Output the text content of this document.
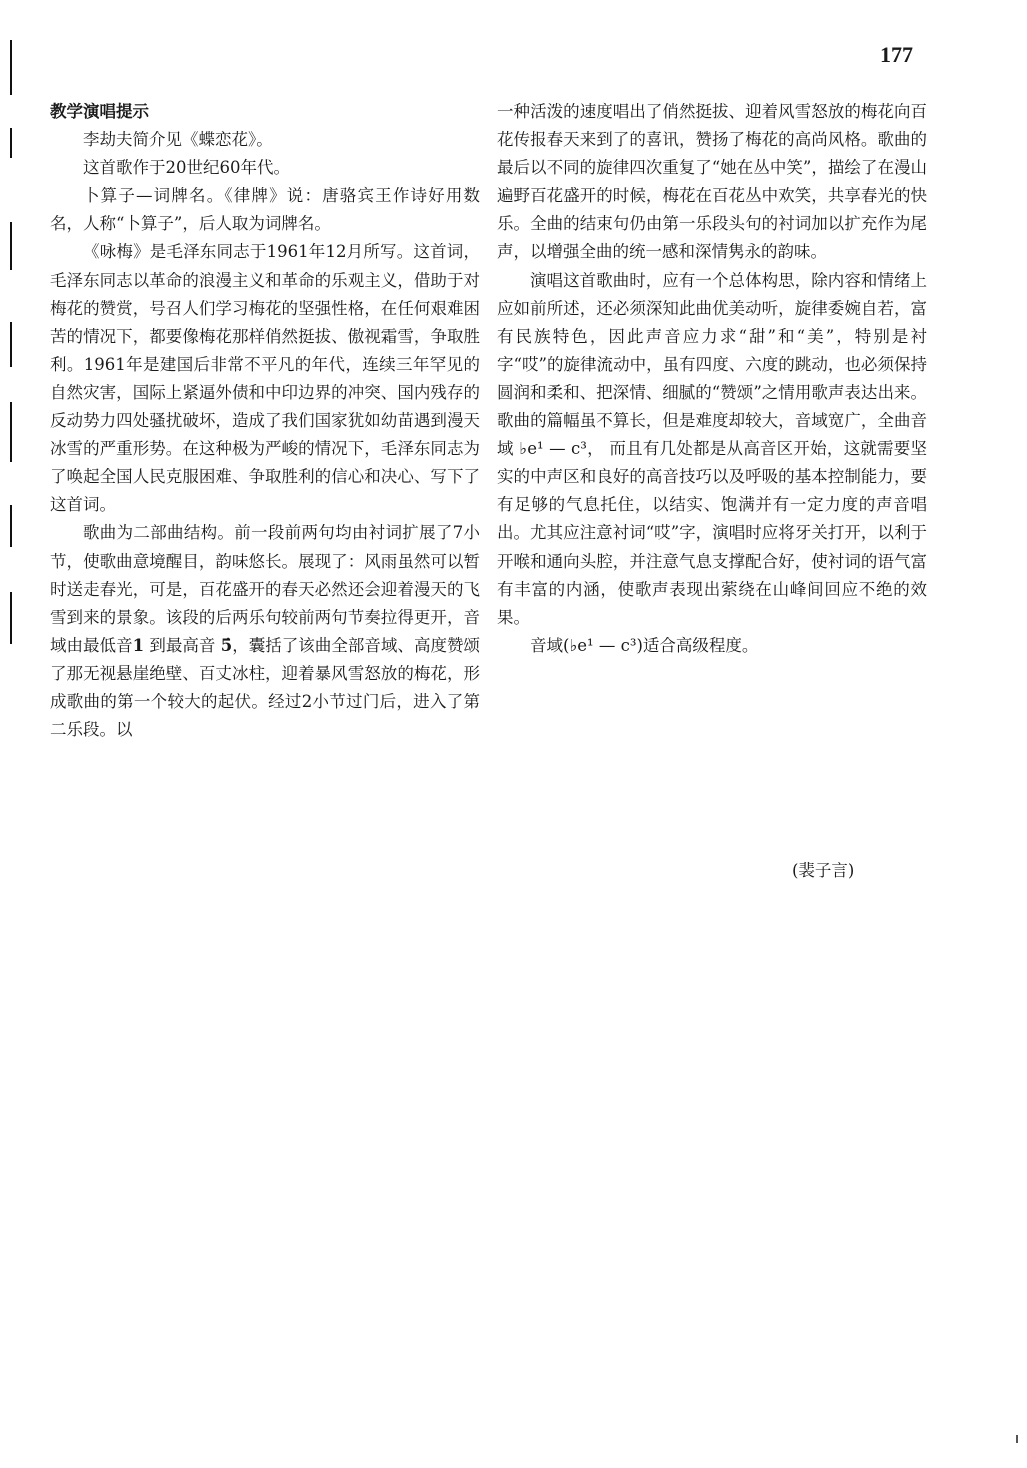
177
教学演唱提示

李劫夫简介见《蝶恋花》。

这首歌作于20世纪60年代。

卜算子—词牌名。《律牌》说：唐骆宾王作诗好用数名，人称“卜算子”，后人取为词牌名。

《咏梅》是毛泽东同志于1961年12月所写。这首词，毛泽东同志以革命的浪漫主义和革命的乐观主义，借助于对梅花的赞赏，号召人们学习梅花的坚强性格，在任何艰难困苦的情况下，都要像梅花那样俏然挺拔、傲视霜雪，争取胜利。1961年是建国后非常不平凡的年代，连续三年罕见的自然灾害，国际上紧逼外债和中印边界的冲突、国内残存的反动势力四处骚扰破坏，造成了我们国家犹如幼苗遇到漫天冰雪的严重形势。在这种极为严峻的情况下，毛泽东同志为了唤起全国人民克服困难、争取胜利的信心和决心、写下了这首词。

歌曲为二部曲结构。前一段前两句均由衬词扩展了7小节，使歌曲意境醒目，韵味悠长。展现了：风雨虽然可以暂时送走春光，可是，百花盛开的春天必然还会迎着漫天的飞雪到来的景象。该段的后两乐句较前两句节奏拉得更开，音域由最低音1 到最高音 5̇，囊括了该曲全部音域、高度赞颂了那无视悬崖绝壁、百丈冰柱，迎着暴风雪怒放的梅花，形成歌曲的第一个较大的起伏。经过2小节过门后，进入了第二乐段。以

一种活泼的速度唱出了俏然挺拔、迎着风雪怒放的梅花向百花传报春天来到了的喜讯，赞扬了梅花的高尚风格。歌曲的最后以不同的旋律四次重复了“她在丛中笑”，描绘了在漫山遍野百花盛开的时候，梅花在百花丛中欢笑，共享春光的快乐。全曲的结束句仍由第一乐段头句的衬词加以扩充作为尾声，以增强全曲的统一感和深情隽永的韵味。

演唱这首歌曲时，应有一个总体构思，除内容和情绪上应如前所述，还必须深知此曲优美动听，旋律委婉自若，富有民族特色，因此声音应力求“甜”和“美”，特别是衬字“哎”的旋律流动中，虽有四度、六度的跳动，也必须保持圆润和柔和、把深情、细腻的“赞颂”之情用歌声表达出来。歌曲的篇幅虽不算长，但是难度却较大，音域宽广，全曲音域 ♭e¹ — c³， 而且有几处都是从高音区开始，这就需要坚实的中声区和良好的高音技巧以及呼吸的基本控制能力，要有足够的气息托住，以结实、饱满并有一定力度的声音唱出。尤其应注意衬词“哎”字，演唱时应将牙关打开，以利于开喉和通向头腔，并注意气息支撑配合好，使衬词的语气富有丰富的内涵，使歌声表现出萦绕在山峰间回应不绝的效果。

音域(♭e¹ — c³)适合高级程度。

(裴子言)
